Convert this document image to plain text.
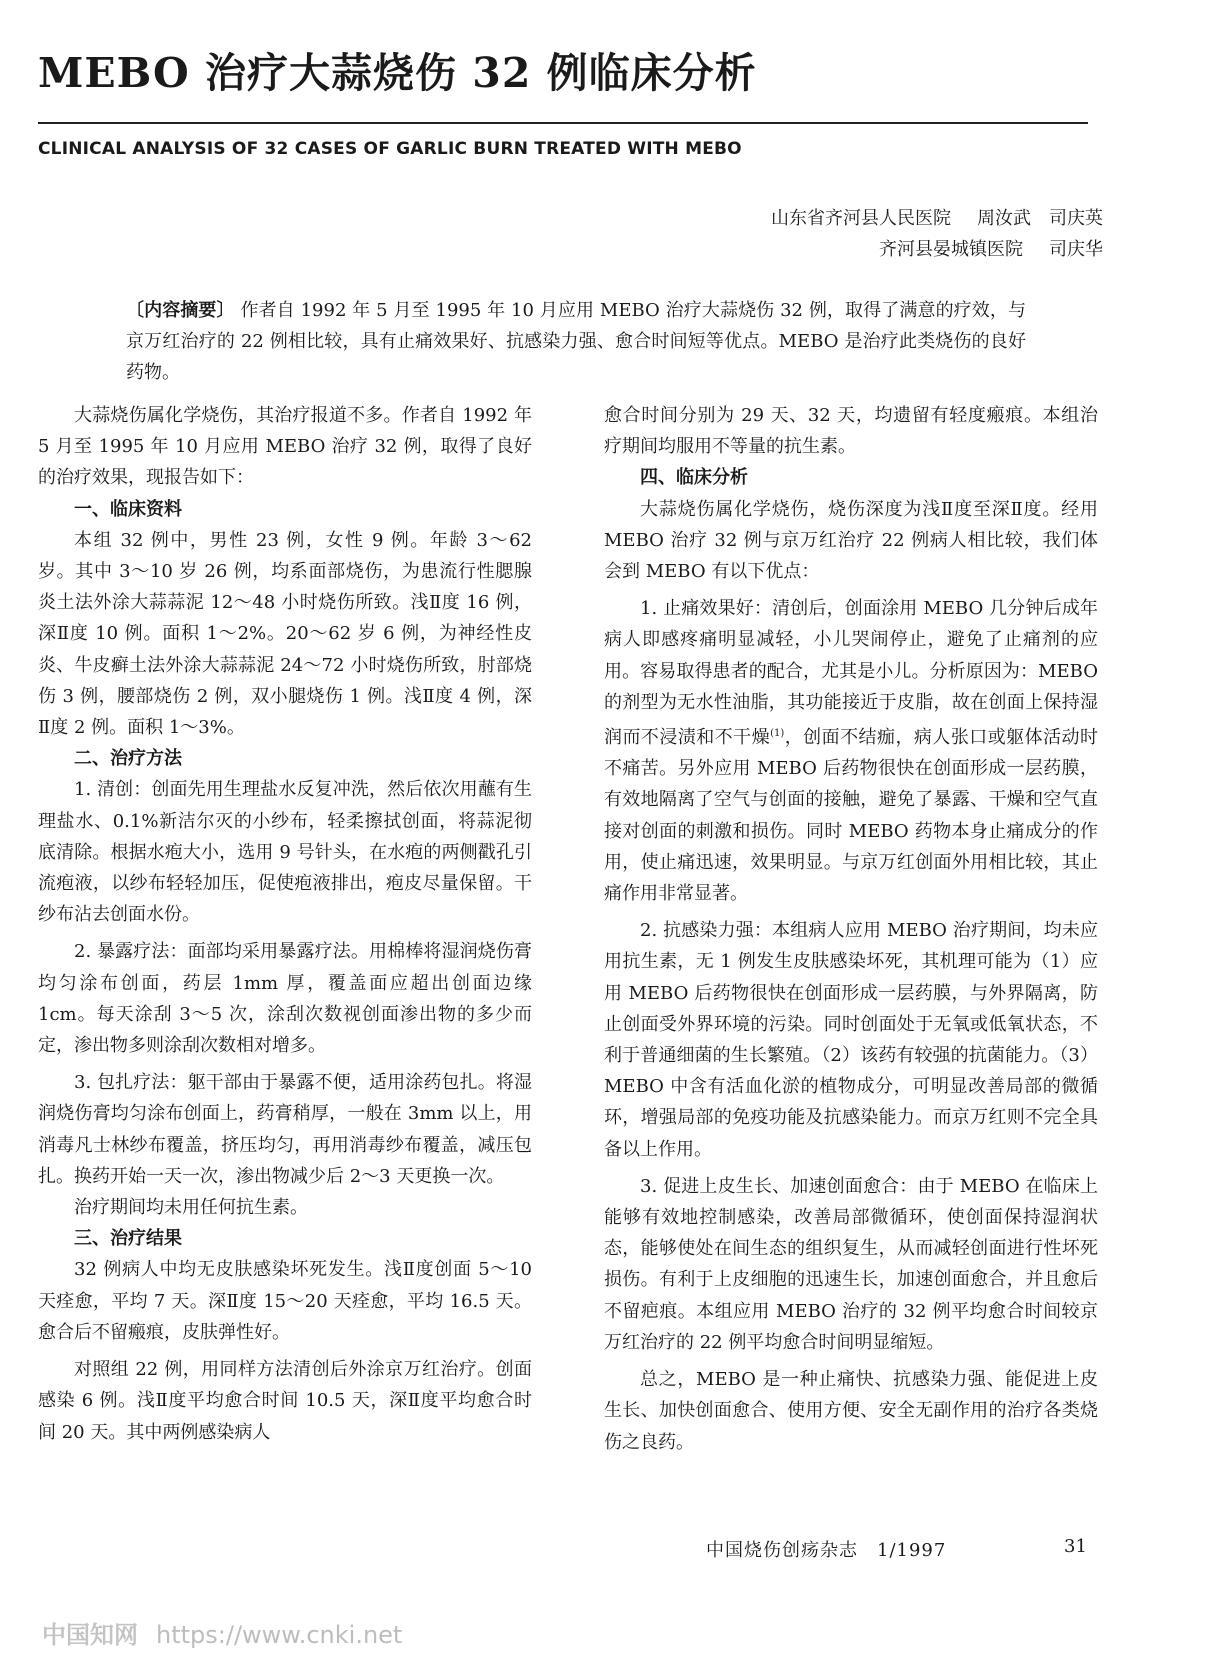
MEBO 治疗大蒜烧伤 32 例临床分析
CLINICAL ANALYSIS OF 32 CASES OF GARLIC BURN TREATED WITH MEBO
山东省齐河县人民医院 周汝武　司庆英
齐河县晏城镇医院 司庆华

〔内容摘要〕 作者自 1992 年 5 月至 1995 年 10 月应用 MEBO 治疗大蒜烧伤 32 例，取得了满意的疗效，与京万红治疗的 22 例相比较，具有止痛效果好、抗感染力强、愈合时间短等优点。MEBO 是治疗此类烧伤的良好药物。

大蒜烧伤属化学烧伤，其治疗报道不多。作者自 1992 年 5 月至 1995 年 10 月应用 MEBO 治疗 32 例，取得了良好的治疗效果，现报告如下：

一、临床资料

本组 32 例中，男性 23 例，女性 9 例。年龄 3～62 岁。其中 3～10 岁 26 例，均系面部烧伤，为患流行性腮腺炎土法外涂大蒜蒜泥 12～48 小时烧伤所致。浅Ⅱ度 16 例，深Ⅱ度 10 例。面积 1～2%。20～62 岁 6 例，为神经性皮炎、牛皮癣土法外涂大蒜蒜泥 24～72 小时烧伤所致，肘部烧伤 3 例，腰部烧伤 2 例，双小腿烧伤 1 例。浅Ⅱ度 4 例，深Ⅱ度 2 例。面积 1～3%。

二、治疗方法

1. 清创：创面先用生理盐水反复冲洗，然后依次用蘸有生理盐水、0.1%新洁尔灭的小纱布，轻柔擦拭创面，将蒜泥彻底清除。根据水疱大小，选用 9 号针头，在水疱的两侧戳孔引流疱液，以纱布轻轻加压，促使疱液排出，疱皮尽量保留。干纱布沾去创面水份。

2. 暴露疗法：面部均采用暴露疗法。用棉棒将湿润烧伤膏均匀涂布创面，药层 1mm 厚，覆盖面应超出创面边缘 1cm。每天涂刮 3～5 次，涂刮次数视创面渗出物的多少而定，渗出物多则涂刮次数相对增多。

3. 包扎疗法：躯干部由于暴露不便，适用涂药包扎。将湿润烧伤膏均匀涂布创面上，药膏稍厚，一般在 3mm 以上，用消毒凡士林纱布覆盖，挤压均匀，再用消毒纱布覆盖，减压包扎。换药开始一天一次，渗出物减少后 2～3 天更换一次。

治疗期间均未用任何抗生素。

三、治疗结果

32 例病人中均无皮肤感染坏死发生。浅Ⅱ度创面 5～10 天痊愈，平均 7 天。深Ⅱ度 15～20 天痊愈，平均 16.5 天。愈合后不留瘢痕，皮肤弹性好。

对照组 22 例，用同样方法清创后外涂京万红治疗。创面感染 6 例。浅Ⅱ度平均愈合时间 10.5 天，深Ⅱ度平均愈合时间 20 天。其中两例感染病人

愈合时间分别为 29 天、32 天，均遗留有轻度瘢痕。本组治疗期间均服用不等量的抗生素。

四、临床分析

大蒜烧伤属化学烧伤，烧伤深度为浅Ⅱ度至深Ⅱ度。经用 MEBO 治疗 32 例与京万红治疗 22 例病人相比较，我们体会到 MEBO 有以下优点：

1. 止痛效果好：清创后，创面涂用 MEBO 几分钟后成年病人即感疼痛明显减轻，小儿哭闹停止，避免了止痛剂的应用。容易取得患者的配合，尤其是小儿。分析原因为：MEBO 的剂型为无水性油脂，其功能接近于皮脂，故在创面上保持湿润而不浸渍和不干燥$^{(1)}$，创面不结痂，病人张口或躯体活动时不痛苦。另外应用 MEBO 后药物很快在创面形成一层药膜，有效地隔离了空气与创面的接触，避免了暴露、干燥和空气直接对创面的刺激和损伤。同时 MEBO 药物本身止痛成分的作用，使止痛迅速，效果明显。与京万红创面外用相比较，其止痛作用非常显著。

2. 抗感染力强：本组病人应用 MEBO 治疗期间，均未应用抗生素，无 1 例发生皮肤感染坏死，其机理可能为（1）应用 MEBO 后药物很快在创面形成一层药膜，与外界隔离，防止创面受外界环境的污染。同时创面处于无氧或低氧状态，不利于普通细菌的生长繁殖。（2）该药有较强的抗菌能力。（3）MEBO 中含有活血化淤的植物成分，可明显改善局部的微循环，增强局部的免疫功能及抗感染能力。而京万红则不完全具备以上作用。

3. 促进上皮生长、加速创面愈合：由于 MEBO 在临床上能够有效地控制感染，改善局部微循环，使创面保持湿润状态，能够使处在间生态的组织复生，从而减轻创面进行性坏死损伤。有利于上皮细胞的迅速生长，加速创面愈合，并且愈后不留疤痕。本组应用 MEBO 治疗的 32 例平均愈合时间较京万红治疗的 22 例平均愈合时间明显缩短。

总之，MEBO 是一种止痛快、抗感染力强、能促进上皮生长、加快创面愈合、使用方便、安全无副作用的治疗各类烧伤之良药。

中国烧伤创疡杂志　1/1997	31
中国知网 https://www.cnki.net
